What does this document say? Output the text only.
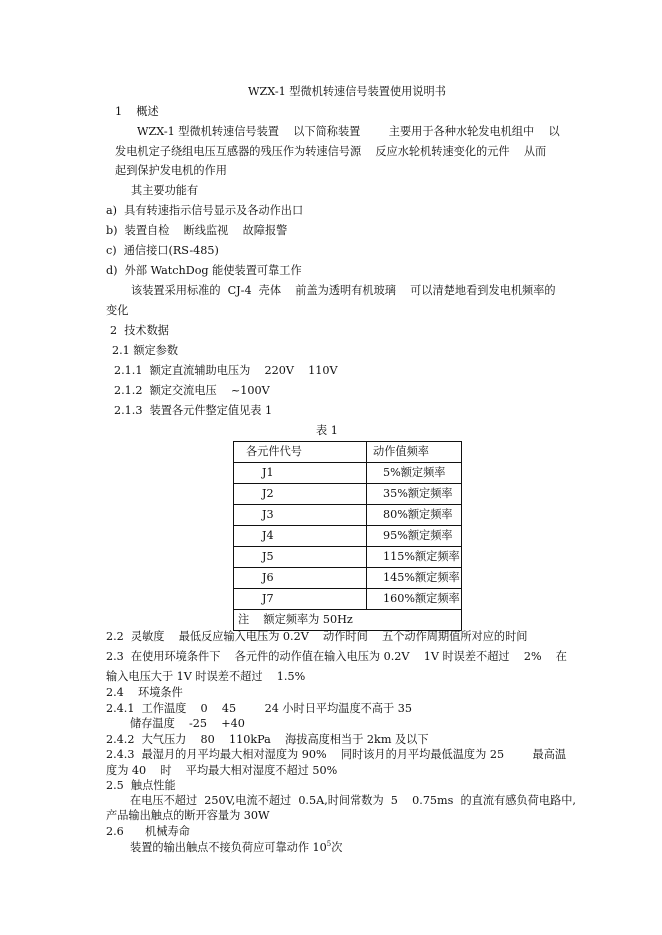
WZX-1 型微机转速信号装置使用说明书
1    概述
WZX-1 型微机转速信号装置    以下简称装置        主要用于各种水轮发电机组中    以
发电机定子绕组电压互感器的残压作为转速信号源    反应水轮机转速变化的元件    从而
起到保护发电机的作用
其主要功能有
a)  具有转速指示信号显示及各动作出口
b)  装置自检    断线监视    故障报警
c)  通信接口(RS-485)
d)  外部 WatchDog 能使装置可靠工作
该装置采用标准的  CJ-4  壳体    前盖为透明有机玻璃    可以清楚地看到发电机频率的
变化
2  技术数据
2.1 额定参数
2.1.1  额定直流辅助电压为    220V    110V
2.1.2  额定交流电压    ~100V
2.1.3  装置各元件整定值见表 1
表 1
各元件代号	动作值频率
J1	5%额定频率
J2	35%额定频率
J3	80%额定频率
J4	95%额定频率
J5	115%额定频率
J6	145%额定频率
J7	160%额定频率
注    额定频率为 50Hz	
2.2  灵敏度    最低反应输入电压为 0.2V    动作时间    五个动作周期值所对应的时间
2.3  在使用环境条件下    各元件的动作值在输入电压为 0.2V    1V 时误差不超过    2%    在
输入电压大于 1V 时误差不超过    1.5%
2.4    环境条件
2.4.1  工作温度    0    45        24 小时日平均温度不高于 35
储存温度    -25    +40
2.4.2  大气压力    80    110kPa    海拔高度相当于 2km 及以下
2.4.3  最湿月的月平均最大相对湿度为 90%    同时该月的月平均最低温度为 25        最高温
度为 40    时    平均最大相对湿度不超过 50%
2.5  触点性能
在电压不超过  250V,电流不超过  0.5A,时间常数为  5    0.75ms  的直流有感负荷电路中,
产品输出触点的断开容量为 30W
2.6      机械寿命
装置的输出触点不接负荷应可靠动作 $10^5$次
